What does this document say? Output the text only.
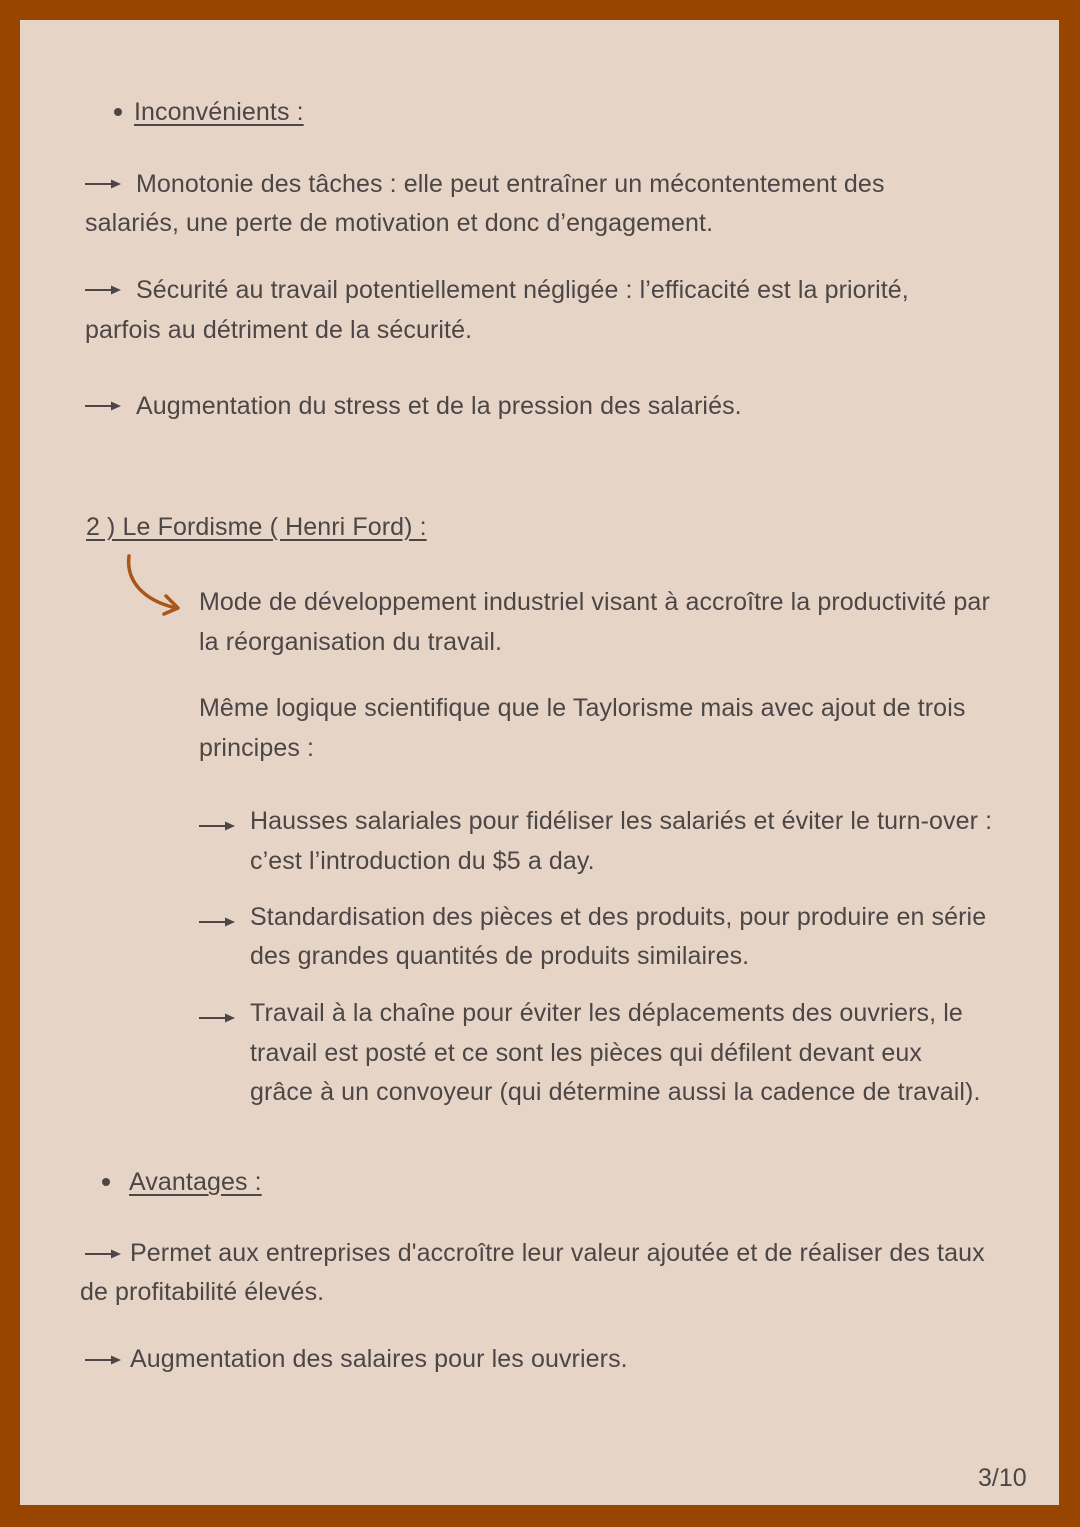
Inconvénients :
Monotonie des tâches : elle peut entraîner un mécontentement des
salariés, une perte de motivation et donc d’engagement.
Sécurité au travail potentiellement négligée : l’efficacité est la priorité,
parfois au détriment de la sécurité.
Augmentation du stress et de la pression des salariés.
2 ) Le Fordisme ( Henri Ford) :
Mode de développement industriel visant à accroître la productivité par
la réorganisation du travail.
Même logique scientifique que le Taylorisme mais avec ajout de trois
principes :
Hausses salariales pour fidéliser les salariés et éviter le turn-over :
c’est l’introduction du $5 a day.
Standardisation des pièces et des produits, pour produire en série
des grandes quantités de produits similaires.
Travail à la chaîne pour éviter les déplacements des ouvriers, le
travail est posté et ce sont les pièces qui défilent devant eux
grâce à un convoyeur (qui détermine aussi la cadence de travail).
Avantages :
Permet aux entreprises d'accroître leur valeur ajoutée et de réaliser des taux
de profitabilité élevés.
Augmentation des salaires pour les ouvriers.
3/10
